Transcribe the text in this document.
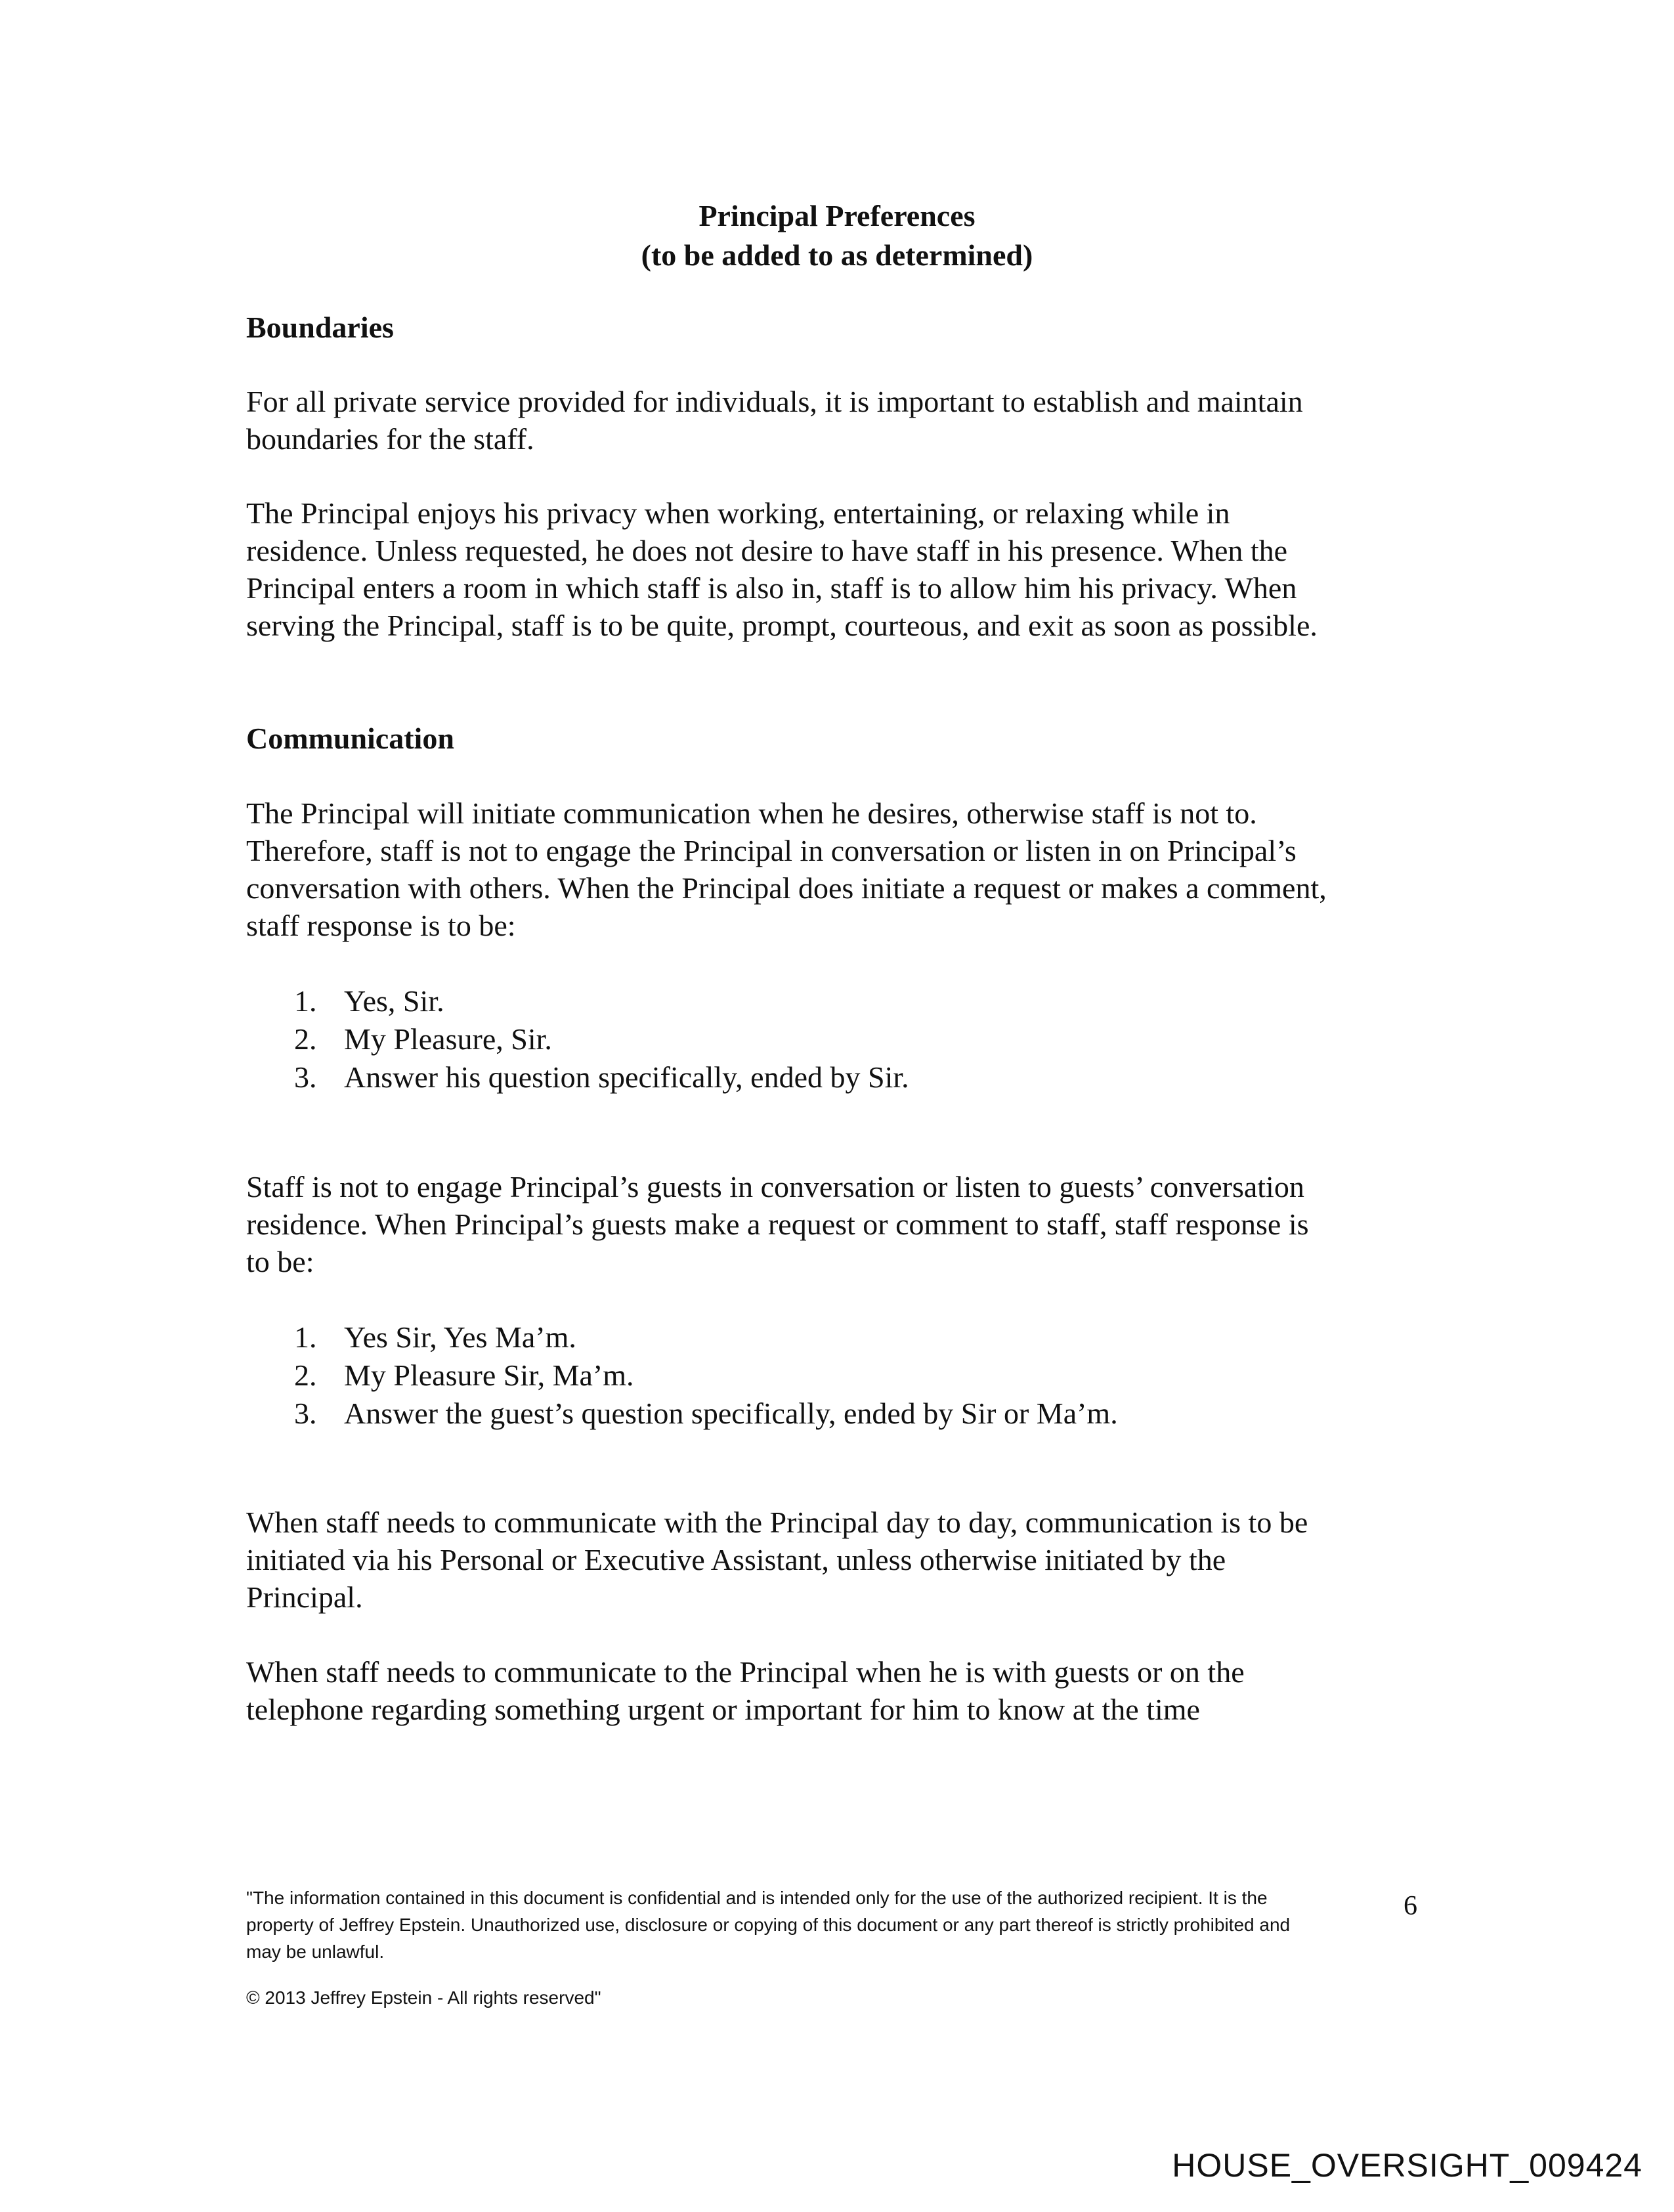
Principal Preferences
(to be added to as determined)
Boundaries
For all private service provided for individuals, it is important to establish and maintain
boundaries for the staff.
The Principal enjoys his privacy when working, entertaining, or relaxing while in
residence. Unless requested, he does not desire to have staff in his presence. When the
Principal enters a room in which staff is also in, staff is to allow him his privacy. When
serving the Principal, staff is to be quite, prompt, courteous, and exit as soon as possible.
Communication
The Principal will initiate communication when he desires, otherwise staff is not to.
Therefore, staff is not to engage the Principal in conversation or listen in on Principal’s
conversation with others. When the Principal does initiate a request or makes a comment,
staff response is to be:
1. Yes, Sir.
2. My Pleasure, Sir.
3. Answer his question specifically, ended by Sir.
Staff is not to engage Principal’s guests in conversation or listen to guests’ conversation
residence. When Principal’s guests make a request or comment to staff, staff response is
to be:
1. Yes Sir, Yes Ma’m.
2. My Pleasure Sir, Ma’m.
3. Answer the guest’s question specifically, ended by Sir or Ma’m.
When staff needs to communicate with the Principal day to day, communication is to be
initiated via his Personal or Executive Assistant, unless otherwise initiated by the
Principal.
When staff needs to communicate to the Principal when he is with guests or on the
telephone regarding something urgent or important for him to know at the time
"The information contained in this document is confidential and is intended only for the use of the authorized recipient. It is the
property of Jeffrey Epstein. Unauthorized use, disclosure or copying of this document or any part thereof is strictly prohibited and
may be unlawful.
6
© 2013 Jeffrey Epstein - All rights reserved"
HOUSE_OVERSIGHT_009424
